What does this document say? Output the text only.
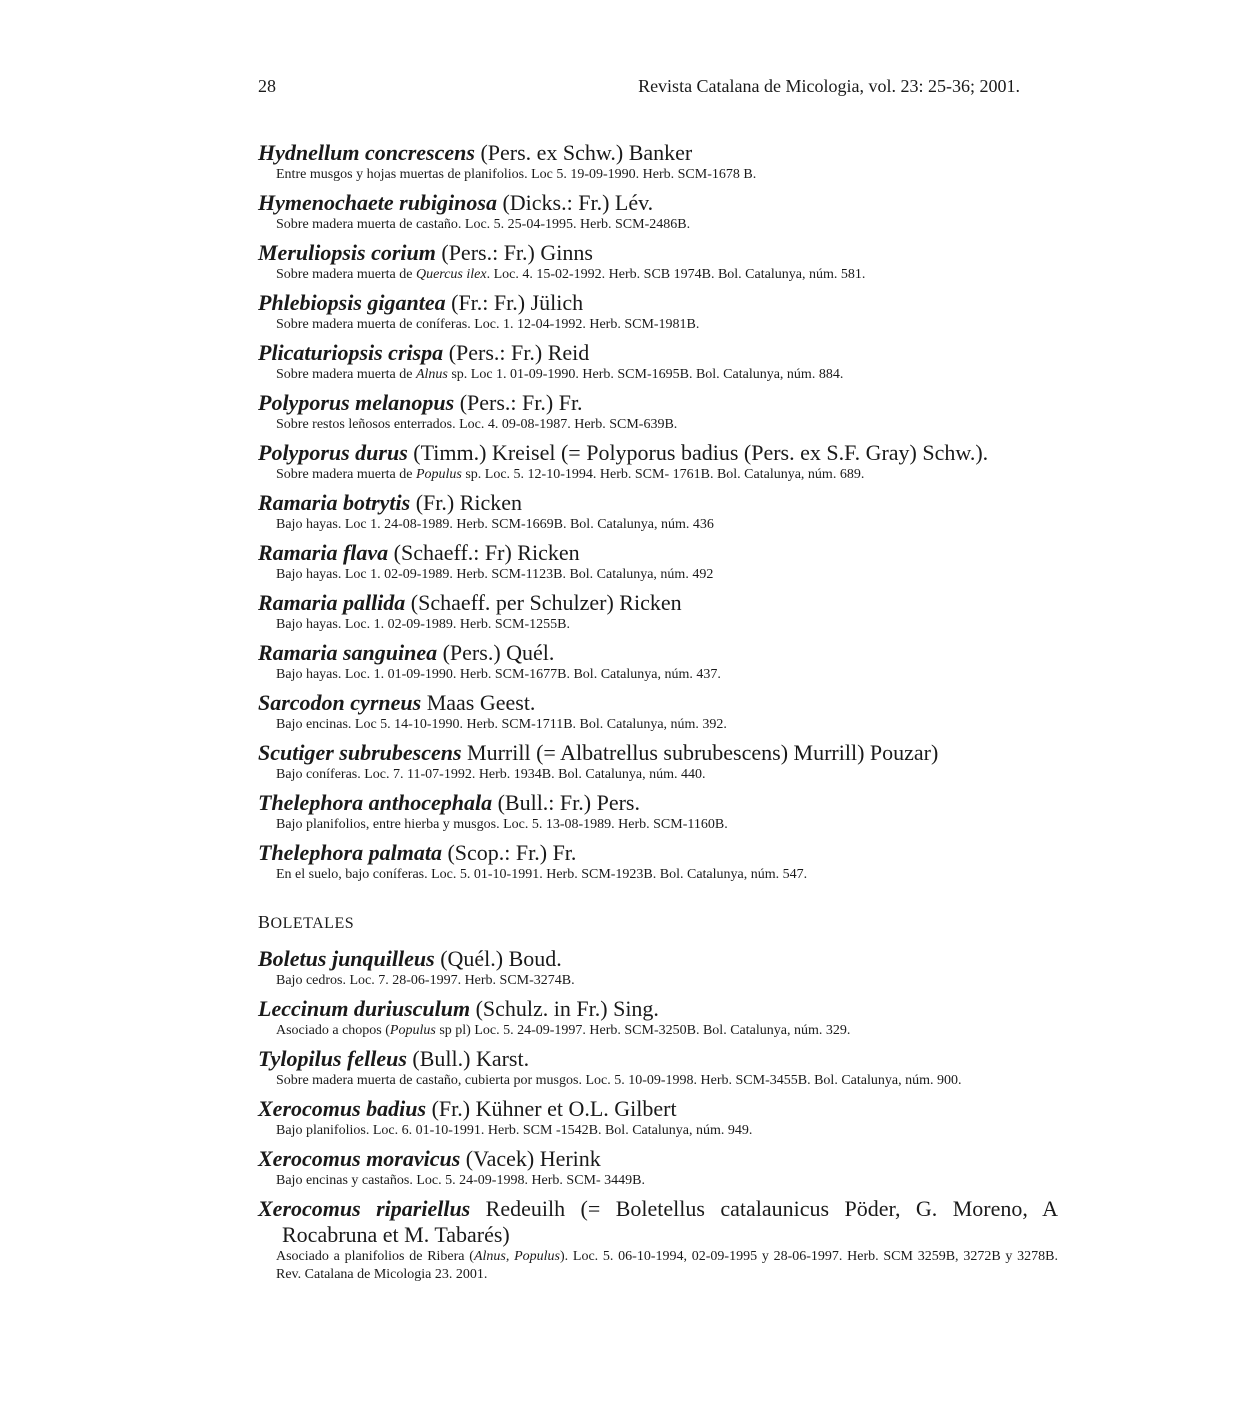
28	Revista Catalana de Micologia, vol. 23: 25-36; 2001.
Hydnellum concrescens (Pers. ex Schw.) Banker
Entre musgos y hojas muertas de planifolios. Loc 5. 19-09-1990. Herb. SCM-1678 B.
Hymenochaete rubiginosa (Dicks.: Fr.) Lév.
Sobre madera muerta de castaño. Loc. 5. 25-04-1995. Herb. SCM-2486B.
Meruliopsis corium (Pers.: Fr.) Ginns
Sobre madera muerta de Quercus ilex. Loc. 4. 15-02-1992. Herb. SCB 1974B. Bol. Catalunya, núm. 581.
Phlebiopsis gigantea (Fr.: Fr.) Jülich
Sobre madera muerta de coníferas. Loc. 1. 12-04-1992. Herb. SCM-1981B.
Plicaturiopsis crispa (Pers.: Fr.) Reid
Sobre madera muerta de Alnus sp. Loc 1. 01-09-1990. Herb. SCM-1695B. Bol. Catalunya, núm. 884.
Polyporus melanopus (Pers.: Fr.) Fr.
Sobre restos leñosos enterrados. Loc. 4. 09-08-1987. Herb. SCM-639B.
Polyporus durus (Timm.) Kreisel (= Polyporus badius (Pers. ex S.F. Gray) Schw.).
Sobre madera muerta de Populus sp. Loc. 5. 12-10-1994. Herb. SCM- 1761B. Bol. Catalunya, núm. 689.
Ramaria botrytis (Fr.) Ricken
Bajo hayas. Loc 1. 24-08-1989. Herb. SCM-1669B. Bol. Catalunya, núm. 436
Ramaria flava (Schaeff.: Fr) Ricken
Bajo hayas. Loc 1. 02-09-1989. Herb. SCM-1123B. Bol. Catalunya, núm. 492
Ramaria pallida (Schaeff. per Schulzer) Ricken
Bajo hayas. Loc. 1. 02-09-1989. Herb. SCM-1255B.
Ramaria sanguinea (Pers.) Quél.
Bajo hayas. Loc. 1. 01-09-1990. Herb. SCM-1677B. Bol. Catalunya, núm. 437.
Sarcodon cyrneus Maas Geest.
Bajo encinas. Loc 5. 14-10-1990. Herb. SCM-1711B. Bol. Catalunya, núm. 392.
Scutiger subrubescens Murrill (= Albatrellus subrubescens) Murrill) Pouzar)
Bajo coníferas. Loc. 7. 11-07-1992. Herb. 1934B. Bol. Catalunya, núm. 440.
Thelephora anthocephala (Bull.: Fr.) Pers.
Bajo planifolios, entre hierba y musgos. Loc. 5. 13-08-1989. Herb. SCM-1160B.
Thelephora palmata (Scop.: Fr.) Fr.
En el suelo, bajo coníferas. Loc. 5. 01-10-1991. Herb. SCM-1923B. Bol. Catalunya, núm. 547.
BOLETALES
Boletus junquilleus (Quél.) Boud.
Bajo cedros. Loc. 7. 28-06-1997. Herb. SCM-3274B.
Leccinum duriusculum (Schulz. in Fr.) Sing.
Asociado a chopos (Populus sp pl) Loc. 5. 24-09-1997. Herb. SCM-3250B. Bol. Catalunya, núm. 329.
Tylopilus felleus (Bull.) Karst.
Sobre madera muerta de castaño, cubierta por musgos. Loc. 5. 10-09-1998. Herb. SCM-3455B. Bol. Catalunya, núm. 900.
Xerocomus badius (Fr.) Kühner et O.L. Gilbert
Bajo planifolios. Loc. 6. 01-10-1991. Herb. SCM -1542B. Bol. Catalunya, núm. 949.
Xerocomus moravicus (Vacek) Herink
Bajo encinas y castaños. Loc. 5. 24-09-1998. Herb. SCM- 3449B.
Xerocomus ripariellus Redeuilh (= Boletellus catalaunicus Pöder, G. Moreno, A Rocabruna et M. Tabarés)
Asociado a planifolios de Ribera (Alnus, Populus). Loc. 5. 06-10-1994, 02-09-1995 y 28-06-1997. Herb. SCM 3259B, 3272B y 3278B. Rev. Catalana de Micologia 23. 2001.
